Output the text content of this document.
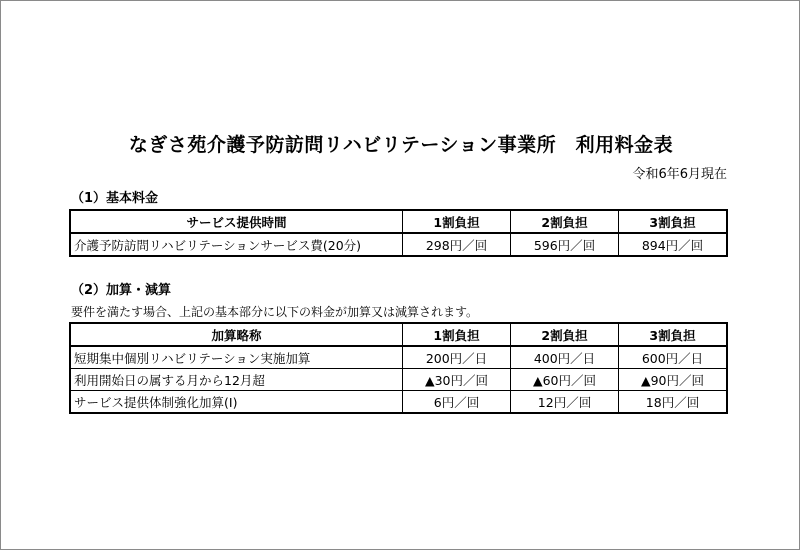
なぎさ苑介護予防訪問リハビリテーション事業所　利用料金表
令和6年6月現在
（1）基本料金
サービス提供時間	1割負担	2割負担	3割負担
介護予防訪問リハビリテーションサービス費(20分)	298円／回	596円／回	894円／回
（2）加算・減算
要件を満たす場合、上記の基本部分に以下の料金が加算又は減算されます。
加算略称	1割負担	2割負担	3割負担
短期集中個別リハビリテーション実施加算	200円／日	400円／日	600円／日
利用開始日の属する月から12月超	▲30円／回	▲60円／回	▲90円／回
サービス提供体制強化加算(Ⅰ)	6円／回	12円／回	18円／回
